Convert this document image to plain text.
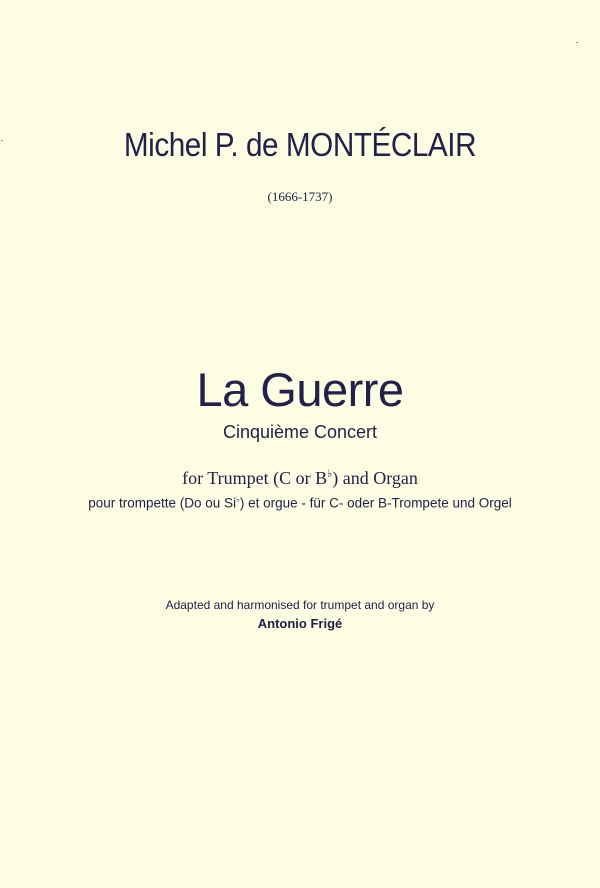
Michel P. de MONTÉCLAIR
(1666-1737)
La Guerre
Cinquième Concert
for Trumpet (C or B♭) and Organ
pour trompette (Do ou Si♭) et orgue - für C- oder B-Trompete und Orgel
Adapted and harmonised for trumpet and organ by
Antonio Frigé
